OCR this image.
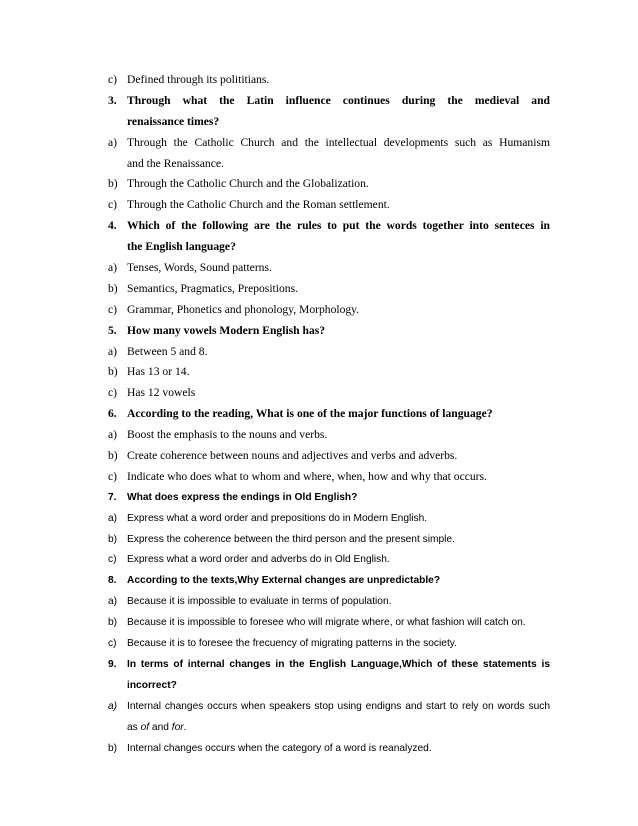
c) Defined through its polititians.
3. Through what the Latin influence continues during the medieval and
renaissance times?
a) Through the Catholic Church and the intellectual developments such as Humanism
and the Renaissance.
b) Through the Catholic Church and the Globalization.
c) Through the Catholic Church and the Roman settlement.
4. Which of the following are the rules to put the words together into senteces in
the English language?
a) Tenses, Words, Sound patterns.
b) Semantics, Pragmatics, Prepositions.
c) Grammar, Phonetics and phonology, Morphology.
5. How many vowels Modern English has?
a) Between 5 and 8.
b) Has 13 or 14.
c) Has 12 vowels
6. According to the reading, What is one of the major functions of language?
a) Boost the emphasis to the nouns and verbs.
b) Create coherence between nouns and adjectives and verbs and adverbs.
c) Indicate who does what to whom and where, when, how and why that occurs.
7.	What does express the endings in Old English?
a) Express what a word order and prepositions do in Modern English.
b) Express the coherence between the third person and the present simple.
c)	Express what a word order and adverbs do in Old English.
8.	According to the texts,Why External changes are unpredictable?
a) Because it is impossible to evaluate in terms of population.
b) Because it is impossible to foresee who will migrate where, or what fashion will catch on.
c)	Because it is to foresee the frecuency of migrating patterns in the society.
9.	In terms of internal changes in the English Language,Which of these statements is
incorrect?
a) Internal changes occurs when speakers stop using endigns and start to rely on words such
as of and for.
b) Internal changes occurs when the category of a word is reanalyzed.
